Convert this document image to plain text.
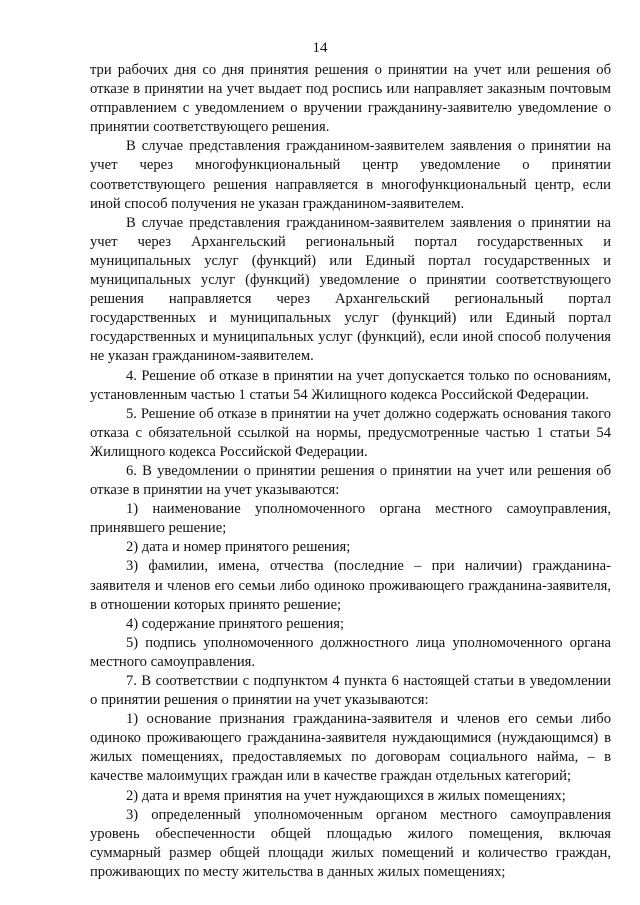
14

три рабочих дня со дня принятия решения о принятии на учет или решения об отказе в принятии на учет выдает под роспись или направляет заказным почтовым отправлением с уведомлением о вручении гражданину-заявителю уведомление о принятии соответствующего решения.

В случае представления гражданином-заявителем заявления о принятии на учет через многофункциональный центр уведомление о принятии соответствующего решения направляется в многофункциональный центр, если иной способ получения не указан гражданином-заявителем.

В случае представления гражданином-заявителем заявления о принятии на учет через Архангельский региональный портал государственных и муниципальных услуг (функций) или Единый портал государственных и муниципальных услуг (функций) уведомление о принятии соответствующего решения направляется через Архангельский региональный портал государственных и муниципальных услуг (функций) или Единый портал государственных и муниципальных услуг (функций), если иной способ получения не указан гражданином-заявителем.

4. Решение об отказе в принятии на учет допускается только по основаниям, установленным частью 1 статьи 54 Жилищного кодекса Российской Федерации.

5. Решение об отказе в принятии на учет должно содержать основания такого отказа с обязательной ссылкой на нормы, предусмотренные частью 1 статьи 54 Жилищного кодекса Российской Федерации.

6. В уведомлении о принятии решения о принятии на учет или решения об отказе в принятии на учет указываются:

1) наименование уполномоченного органа местного самоуправления, принявшего решение;

2) дата и номер принятого решения;

3) фамилии, имена, отчества (последние – при наличии) гражданина-заявителя и членов его семьи либо одиноко проживающего гражданина-заявителя, в отношении которых принято решение;

4) содержание принятого решения;

5) подпись уполномоченного должностного лица уполномоченного органа местного самоуправления.

7. В соответствии с подпунктом 4 пункта 6 настоящей статьи в уведомлении о принятии решения о принятии на учет указываются:

1) основание признания гражданина-заявителя и членов его семьи либо одиноко проживающего гражданина-заявителя нуждающимися (нуждающимся) в жилых помещениях, предоставляемых по договорам социального найма, – в качестве малоимущих граждан или в качестве граждан отдельных категорий;

2) дата и время принятия на учет нуждающихся в жилых помещениях;

3) определенный уполномоченным органом местного самоуправления уровень обеспеченности общей площадью жилого помещения, включая суммарный размер общей площади жилых помещений и количество граждан, проживающих по месту жительства в данных жилых помещениях;
